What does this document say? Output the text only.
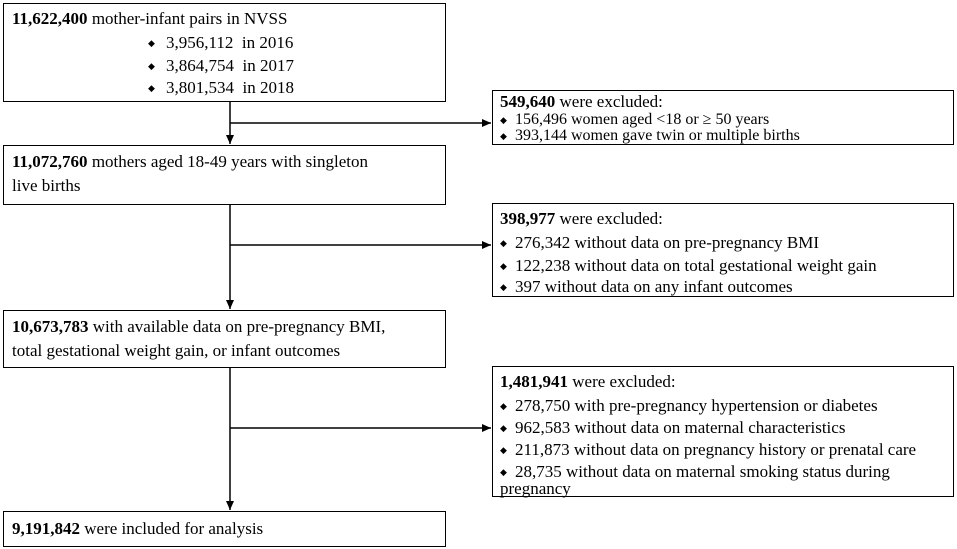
11,622,400 mother-infant pairs in NVSS
◆ 3,956,112 in 2016
◆ 3,864,754 in 2017
◆ 3,801,534 in 2018
549,640 were excluded:
◆ 156,496 women aged <18 or ≥ 50 years
◆
11,072,760 mothers aged 18-49 years with singleton
live births
398,977 were excluded:
◆ 276,342 without data on pre-pregnancy BMI
◆ 122,238 without data on total gestational weight gain
◆ 397 without data on any infant outcomes
10,673,783 with available data on pre-pregnancy BMI,
total gestational weight gain, or infant outcomes
1,481,941 were excluded:
◆ 278,750 with pre-pregnancy hypertension or diabetes
◆ 962,583 without data on maternal characteristics
◆ 211,873 without data on pregnancy history or prenatal care
◆ 28,735 without data on maternal smoking status during
pregnancy
9,191,842 were included for analysis
393,144 women gave twin or multiple births
